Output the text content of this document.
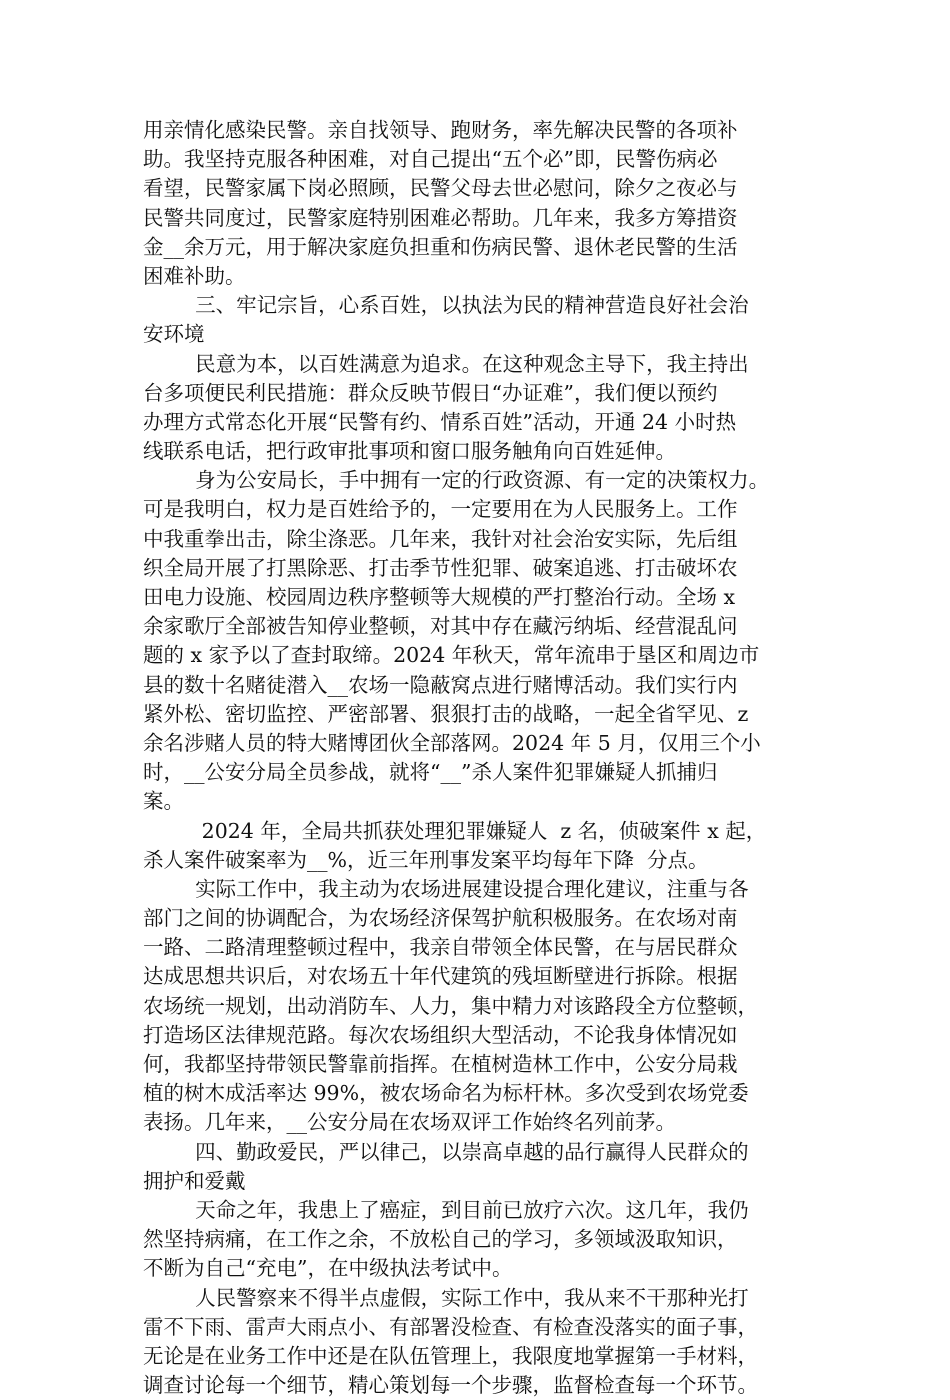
用亲情化感染民警。亲自找领导、跑财务，率先解决民警的各项补
助。我坚持克服各种困难，对自己提出“五个必”即，民警伤病必
看望，民警家属下岗必照顾，民警父母去世必慰问，除夕之夜必与
民警共同度过，民警家庭特别困难必帮助。几年来，我多方筹措资
金__余万元，用于解决家庭负担重和伤病民警、退休老民警的生活
困难补助。
三、牢记宗旨，心系百姓，以执法为民的精神营造良好社会治
安环境
民意为本，以百姓满意为追求。在这种观念主导下，我主持出
台多项便民利民措施：群众反映节假日“办证难”，我们便以预约
办理方式常态化开展“民警有约、情系百姓”活动，开通 24 小时热
线联系电话，把行政审批事项和窗口服务触角向百姓延伸。
身为公安局长，手中拥有一定的行政资源、有一定的决策权力。
可是我明白，权力是百姓给予的，一定要用在为人民服务上。工作
中我重拳出击，除尘涤恶。几年来，我针对社会治安实际，先后组
织全局开展了打黑除恶、打击季节性犯罪、破案追逃、打击破坏农
田电力设施、校园周边秩序整顿等大规模的严打整治行动。全场 x
余家歌厅全部被告知停业整顿，对其中存在藏污纳垢、经营混乱问
题的 x 家予以了查封取缔。2024 年秋天，常年流串于垦区和周边市
县的数十名赌徒潜入__农场一隐蔽窝点进行赌博活动。我们实行内
紧外松、密切监控、严密部署、狠狠打击的战略，一起全省罕见、z
余名涉赌人员的特大赌博团伙全部落网。2024 年 5 月，仅用三个小
时，__公安分局全员参战，就将“__”杀人案件犯罪嫌疑人抓捕归
案。
2024 年，全局共抓获处理犯罪嫌疑人  z 名，侦破案件 x 起，
杀人案件破案率为__%，近三年刑事发案平均每年下降  分点。
实际工作中，我主动为农场进展建设提合理化建议，注重与各
部门之间的协调配合，为农场经济保驾护航积极服务。在农场对南
一路、二路清理整顿过程中，我亲自带领全体民警，在与居民群众
达成思想共识后，对农场五十年代建筑的残垣断壁进行拆除。根据
农场统一规划，出动消防车、人力，集中精力对该路段全方位整顿，
打造场区法律规范路。每次农场组织大型活动，不论我身体情况如
何，我都坚持带领民警靠前指挥。在植树造林工作中，公安分局栽
植的树木成活率达 99%，被农场命名为标杆林。多次受到农场党委
表扬。几年来，__公安分局在农场双评工作始终名列前茅。
四、勤政爱民，严以律己，以崇高卓越的品行赢得人民群众的
拥护和爱戴
天命之年，我患上了癌症，到目前已放疗六次。这几年，我仍
然坚持病痛，在工作之余，不放松自己的学习，多领域汲取知识，
不断为自己“充电”，在中级执法考试中。
人民警察来不得半点虚假，实际工作中，我从来不干那种光打
雷不下雨、雷声大雨点小、有部署没检查、有检查没落实的面子事，
无论是在业务工作中还是在队伍管理上，我限度地掌握第一手材料，
调查讨论每一个细节，精心策划每一个步骤，监督检查每一个环节。
